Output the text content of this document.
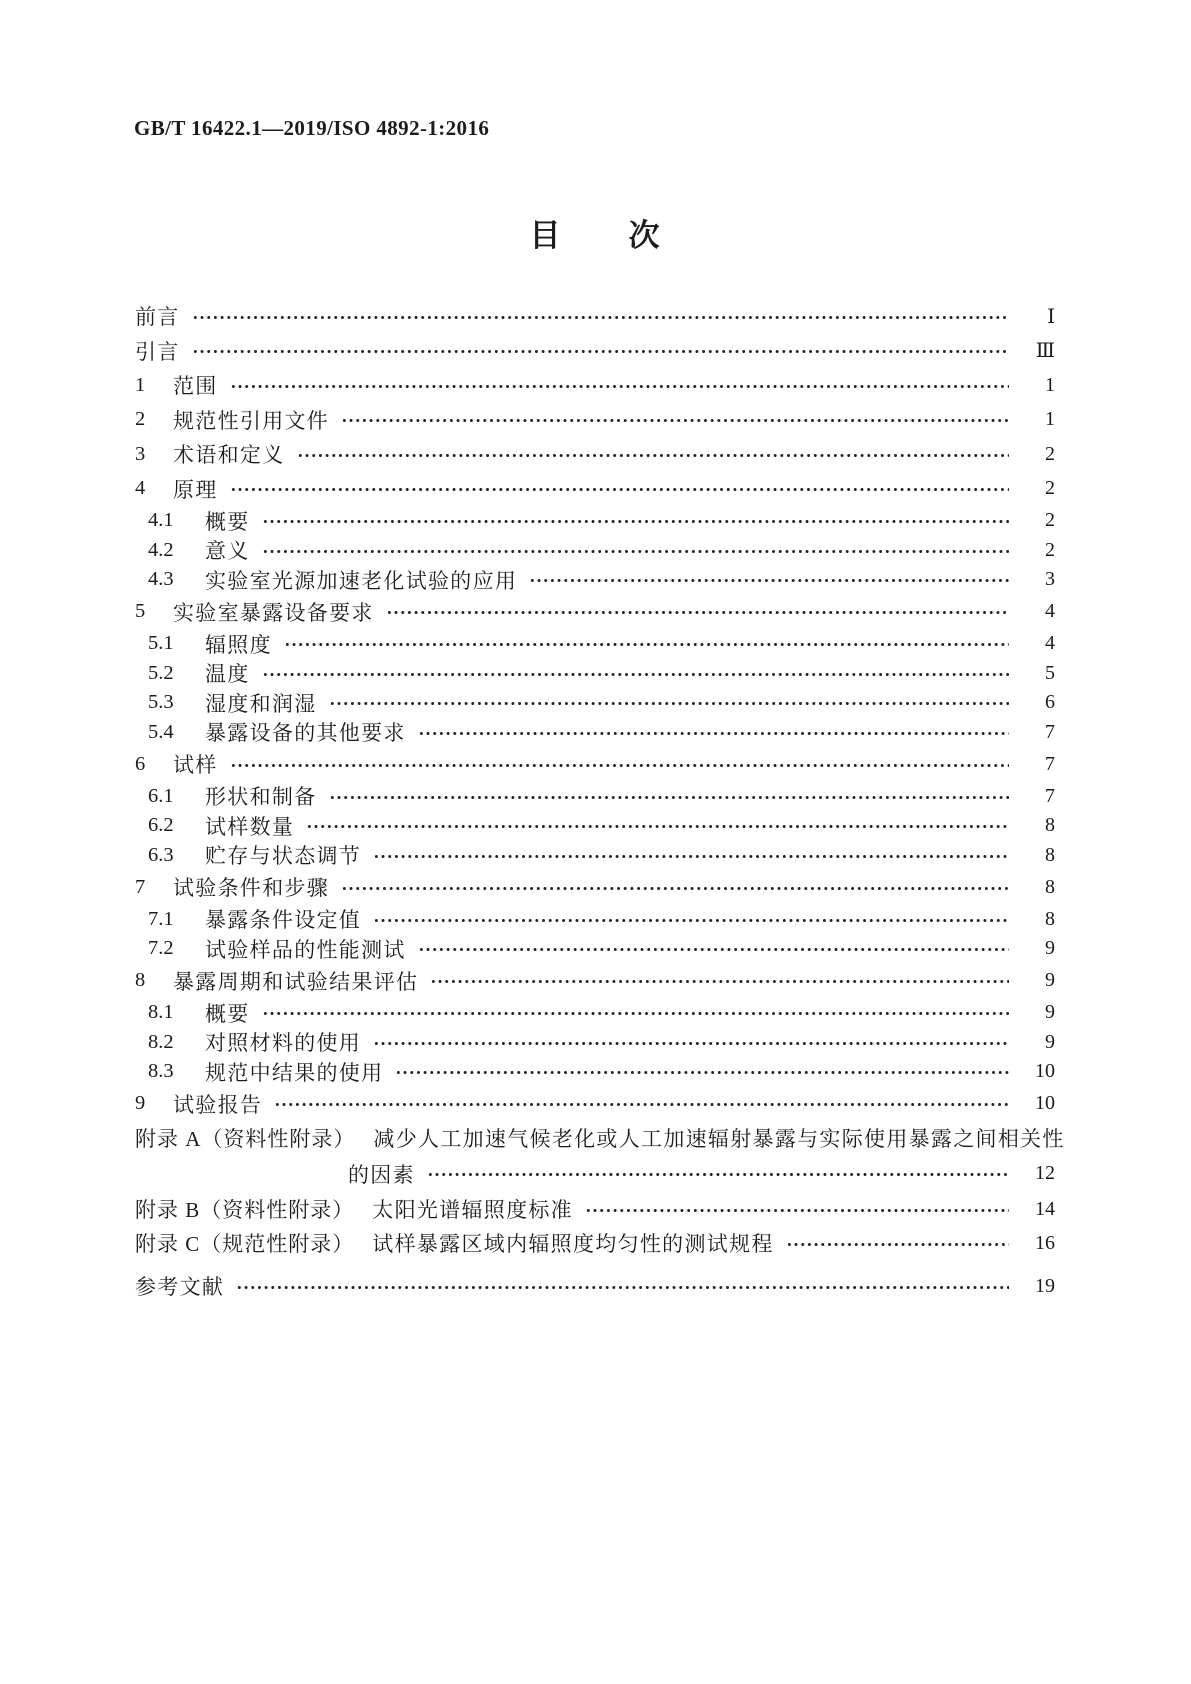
GB/T 16422.1—2019/ISO 4892-1:2016
目　　次
前言	Ⅰ
引言	Ⅲ
1	范围	1
2	规范性引用文件	1
3	术语和定义	2
4	原理	2
4.1	概要	2
4.2	意义	2
4.3	实验室光源加速老化试验的应用	3
5	实验室暴露设备要求	4
5.1	辐照度	4
5.2	温度	5
5.3	湿度和润湿	6
5.4	暴露设备的其他要求	7
6	试样	7
6.1	形状和制备	7
6.2	试样数量	8
6.3	贮存与状态调节	8
7	试验条件和步骤	8
7.1	暴露条件设定值	8
7.2	试验样品的性能测试	9
8	暴露周期和试验结果评估	9
8.1	概要	9
8.2	对照材料的使用	9
8.3	规范中结果的使用	10
9	试验报告	10
附录 A（资料性附录） 减少人工加速气候老化或人工加速辐射暴露与实际使用暴露之间相关性
的因素	12
附录 B（资料性附录） 太阳光谱辐照度标准	14
附录 C（规范性附录） 试样暴露区域内辐照度均匀性的测试规程	16
参考文献	19
